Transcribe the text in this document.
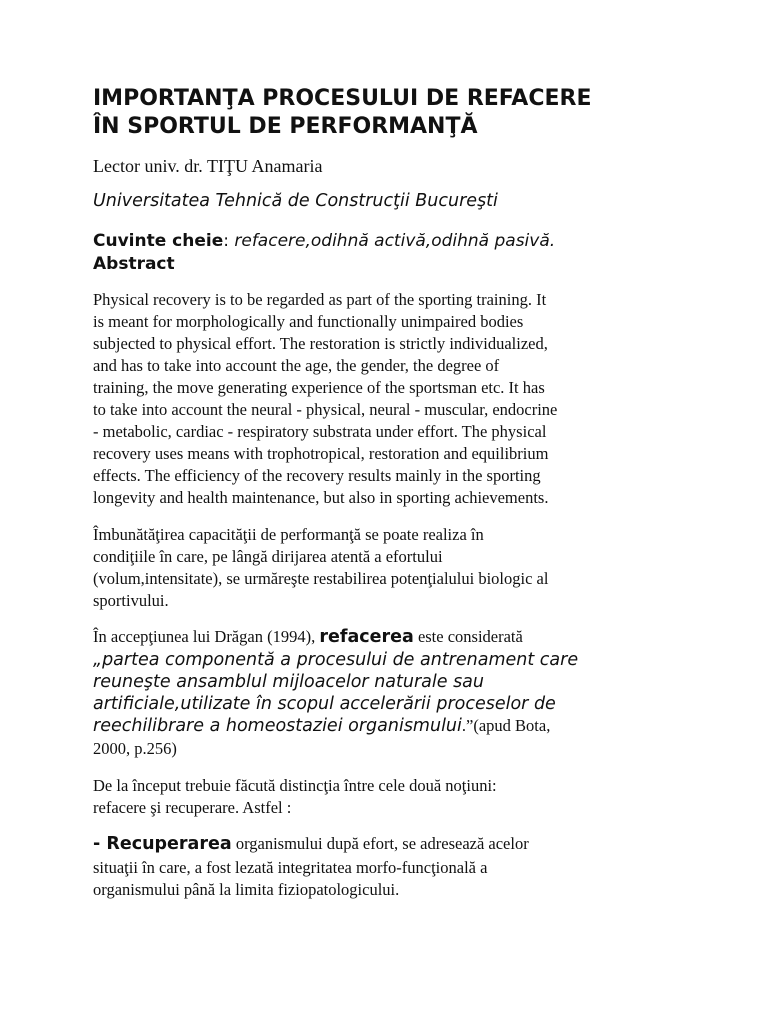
IMPORTANŢA PROCESULUI DE REFACERE
ÎN SPORTUL DE PERFORMANŢĂ
Lector univ. dr. TIŢU Anamaria
Universitatea Tehnică de Construcţii Bucureşti
Cuvinte cheie: refacere,odihnă activă,odihnă pasivă.
Abstract
Physical recovery is to be regarded as part of the sporting training. It
is meant for morphologically and functionally unimpaired bodies
subjected to physical effort. The restoration is strictly individualized,
and has to take into account the age, the gender, the degree of
training, the move generating experience of the sportsman etc. It has
to take into account the neural - physical, neural - muscular, endocrine
- metabolic, cardiac - respiratory substrata under effort. The physical
recovery uses means with trophotropical, restoration and equilibrium
effects. The efficiency of the recovery results mainly in the sporting
longevity and health maintenance, but also in sporting achievements.
Îmbunătăţirea capacităţii de performanţă se poate realiza în
condiţiile în care, pe lângă dirijarea atentă a efortului
(volum,intensitate), se urmăreşte restabilirea potenţialului biologic al
sportivului.
În accepţiunea lui Drăgan (1994), refacerea este considerată
„partea componentă a procesului de antrenament care
reuneşte ansamblul mijloacelor naturale sau
artificiale,utilizate în scopul accelerării proceselor de
reechilibrare a homeostaziei organismului.”(apud Bota,
2000, p.256)
De la început trebuie făcută distincţia între cele două noţiuni:
refacere şi recuperare. Astfel :
- Recuperarea organismului după efort, se adresează acelor
situaţii în care, a fost lezată integritatea morfo-funcţională a
organismului până la limita fiziopatologicului.
